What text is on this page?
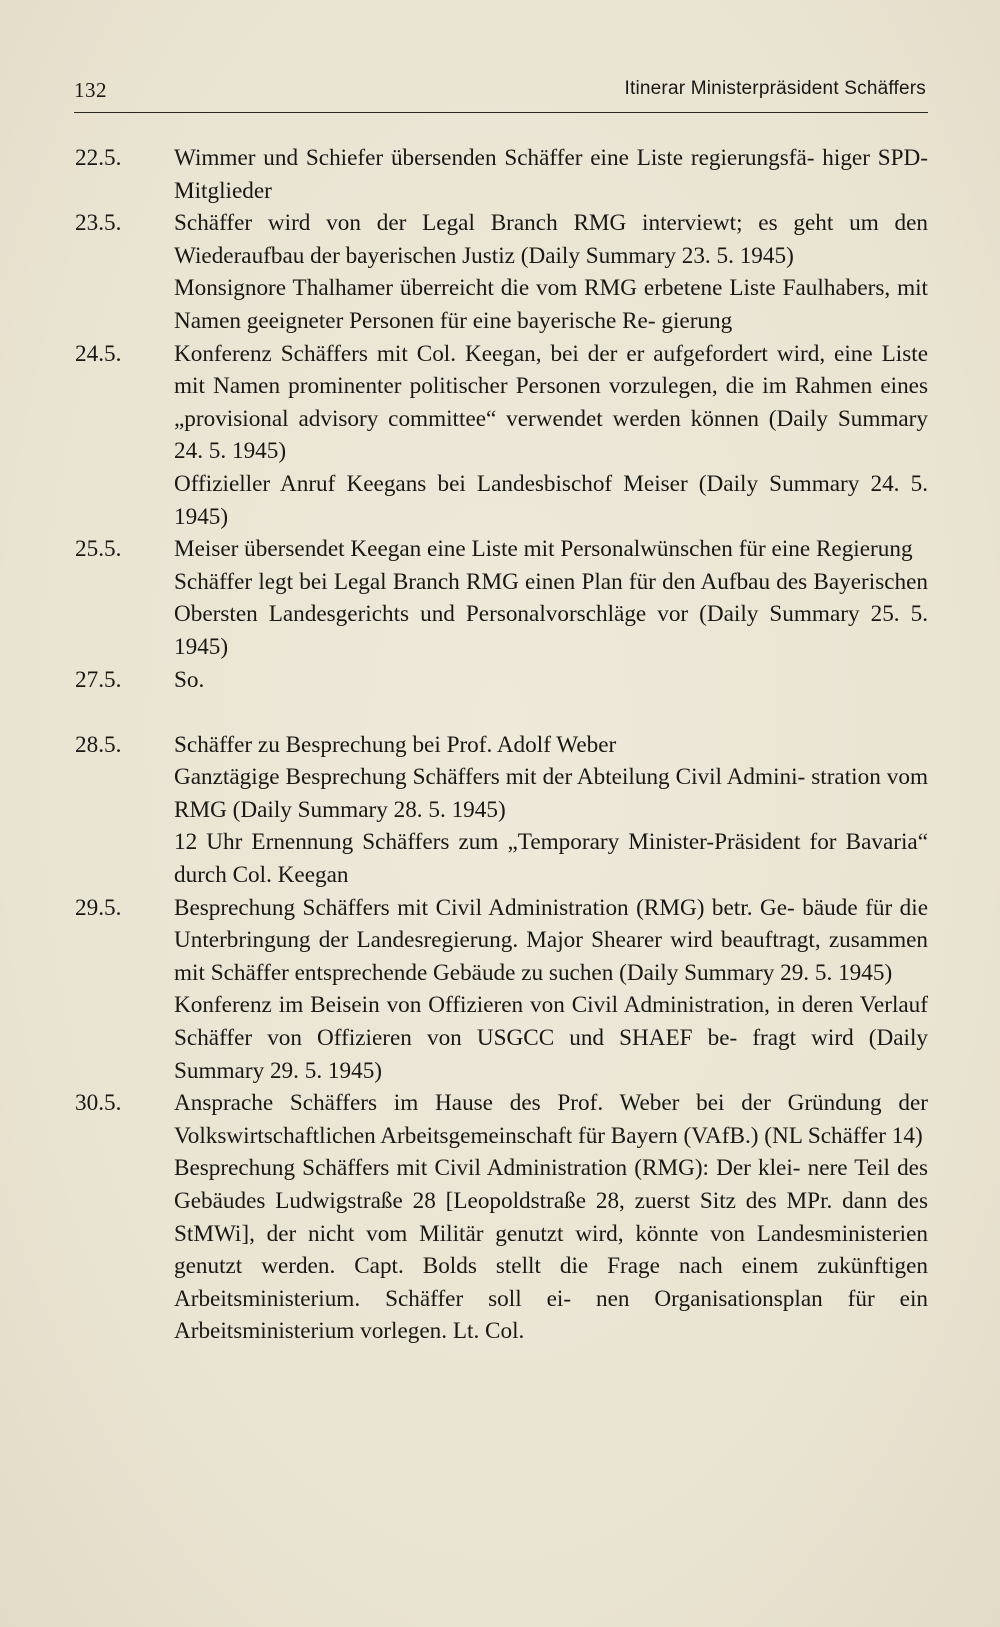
132	Itinerar Ministerpräsident Schäffers
22.5.	Wimmer und Schiefer übersenden Schäffer eine Liste regierungsfä- higer SPD-Mitglieder
23.5.	Schäffer wird von der Legal Branch RMG interviewt; es geht um den Wiederaufbau der bayerischen Justiz (Daily Summary 23. 5. 1945)
Monsignore Thalhamer überreicht die vom RMG erbetene Liste Faulhabers, mit Namen geeigneter Personen für eine bayerische Re- gierung
24.5.	Konferenz Schäffers mit Col. Keegan, bei der er aufgefordert wird, eine Liste mit Namen prominenter politischer Personen vorzulegen, die im Rahmen eines „provisional advisory committee“ verwendet werden können (Daily Summary 24. 5. 1945)
Offizieller Anruf Keegans bei Landesbischof Meiser (Daily Summary 24. 5. 1945)
25.5.	Meiser übersendet Keegan eine Liste mit Personalwünschen für eine Regierung
Schäffer legt bei Legal Branch RMG einen Plan für den Aufbau des Bayerischen Obersten Landesgerichts und Personalvorschläge vor (Daily Summary 25. 5. 1945)
27.5.	So.
28.5.	Schäffer zu Besprechung bei Prof. Adolf Weber
Ganztägige Besprechung Schäffers mit der Abteilung Civil Admini- stration vom RMG (Daily Summary 28. 5. 1945)
12 Uhr Ernennung Schäffers zum „Temporary Minister-Präsident for Bavaria“ durch Col. Keegan
29.5.	Besprechung Schäffers mit Civil Administration (RMG) betr. Ge- bäude für die Unterbringung der Landesregierung. Major Shearer wird beauftragt, zusammen mit Schäffer entsprechende Gebäude zu suchen (Daily Summary 29. 5. 1945)
Konferenz im Beisein von Offizieren von Civil Administration, in deren Verlauf Schäffer von Offizieren von USGCC und SHAEF be- fragt wird (Daily Summary 29. 5. 1945)
30.5.	Ansprache Schäffers im Hause des Prof. Weber bei der Gründung der Volkswirtschaftlichen Arbeitsgemeinschaft für Bayern (VAfB.) (NL Schäffer 14)
Besprechung Schäffers mit Civil Administration (RMG): Der klei- nere Teil des Gebäudes Ludwigstraße 28 [Leopoldstraße 28, zuerst Sitz des MPr. dann des StMWi], der nicht vom Militär genutzt wird, könnte von Landesministerien genutzt werden. Capt. Bolds stellt die Frage nach einem zukünftigen Arbeitsministerium. Schäffer soll ei- nen Organisationsplan für ein Arbeitsministerium vorlegen. Lt. Col.
